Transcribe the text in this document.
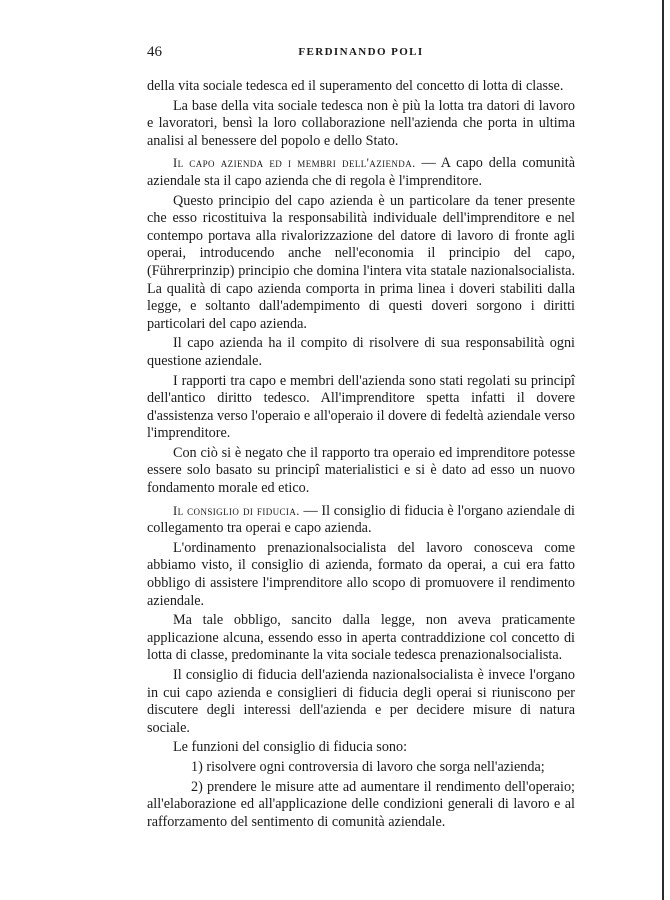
46	FERDINANDO POLI

della vita sociale tedesca ed il superamento del concetto di lotta di classe.

La base della vita sociale tedesca non è più la lotta tra datori di lavoro e lavoratori, bensì la loro collaborazione nell'azienda che porta in ultima analisi al benessere del popolo e dello Stato.

Il capo azienda ed i membri dell'azienda. — A capo della comunità aziendale sta il capo azienda che di regola è l'imprenditore.

Questo principio del capo azienda è un particolare da tener presente che esso ricostituiva la responsabilità individuale dell'imprenditore e nel contempo portava alla rivalorizzazione del datore di lavoro di fronte agli operai, introducendo anche nell'economia il principio del capo, (Führerprinzip) principio che domina l'intera vita statale nazionalsocialista. La qualità di capo azienda comporta in prima linea i doveri stabiliti dalla legge, e soltanto dall'adempimento di questi doveri sorgono i diritti particolari del capo azienda.

Il capo azienda ha il compito di risolvere di sua responsabilità ogni questione aziendale.

I rapporti tra capo e membri dell'azienda sono stati regolati su principî dell'antico diritto tedesco. All'imprenditore spetta infatti il dovere d'assistenza verso l'operaio e all'operaio il dovere di fedeltà aziendale verso l'imprenditore.

Con ciò si è negato che il rapporto tra operaio ed imprenditore potesse essere solo basato su principî materialistici e si è dato ad esso un nuovo fondamento morale ed etico.

Il consiglio di fiducia. — Il consiglio di fiducia è l'organo aziendale di collegamento tra operai e capo azienda.

L'ordinamento prenazionalsocialista del lavoro conosceva come abbiamo visto, il consiglio di azienda, formato da operai, a cui era fatto obbligo di assistere l'imprenditore allo scopo di promuovere il rendimento aziendale.

Ma tale obbligo, sancito dalla legge, non aveva praticamente applicazione alcuna, essendo esso in aperta contraddizione col concetto di lotta di classe, predominante la vita sociale tedesca prenazionalsocialista.

Il consiglio di fiducia dell'azienda nazionalsocialista è invece l'organo in cui capo azienda e consiglieri di fiducia degli operai si riuniscono per discutere degli interessi dell'azienda e per decidere misure di natura sociale.

Le funzioni del consiglio di fiducia sono:

1) risolvere ogni controversia di lavoro che sorga nell'azienda;

2) prendere le misure atte ad aumentare il rendimento dell'operaio; all'elaborazione ed all'applicazione delle condizioni generali di lavoro e al rafforzamento del sentimento di comunità aziendale.
